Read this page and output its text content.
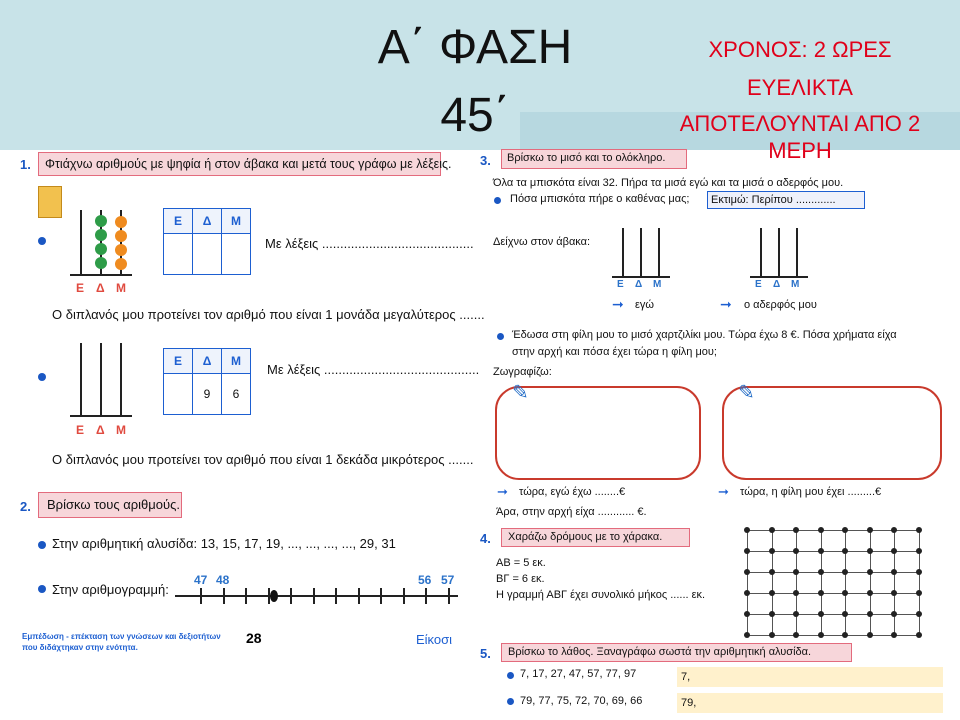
Α΄ ΦΑΣΗ
45΄
ΧΡΟΝΟΣ: 2 ΩΡΕΣ
ΕΥΕΛΙΚΤΑ
ΑΠΟΤΕΛΟΥΝΤΑΙ ΑΠΟ 2
ΜΕΡΗ
1. Φτιάχνω αριθμούς με ψηφία ή στον άβακα και μετά τους γράφω με λέξεις.
Ε Δ Μ
Ε	Δ	Μ

Με λέξεις ..........................................
Ο διπλανός μου προτείνει τον αριθμό που είναι 1 μονάδα μεγαλύτερος .......
Ε Δ Μ
Ε	Δ	Μ
	9	6
Με λέξεις ...........................................
Ο διπλανός μου προτείνει τον αριθμό που είναι 1 δεκάδα μικρότερος .......
2. Βρίσκω τους αριθμούς.
Στην αριθμητική αλυσίδα: 13, 15, 17, 19, ..., ..., ..., ..., 29, 31
Στην αριθμογραμμή:
47 48	56 57
Εμπέδωση - επέκταση των γνώσεων και δεξιοτήτων
που διδάχτηκαν στην ενότητα.
28	Είκοσι
3. Βρίσκω το μισό και το ολόκληρο.
Όλα τα μπισκότα είναι 32. Πήρα τα μισά εγώ και τα μισά ο αδερφός μου.
Πόσα μπισκότα πήρε ο καθένας μας; Εκτιμώ: Περίπου .............
Δείχνω στον άβακα:
Ε Δ Μ	Ε Δ Μ
➞ εγώ	➞ ο αδερφός μου
Έδωσα στη φίλη μου το μισό χαρτζιλίκι μου. Τώρα έχω 8 €. Πόσα χρήματα είχα
στην αρχή και πόσα έχει τώρα η φίλη μου;
Ζωγραφίζω:
✎	✎
➞ τώρα, εγώ έχω ........€	➞ τώρα, η φίλη μου έχει .........€
Άρα, στην αρχή είχα ............ €.
4. Χαράζω δρόμους με το χάρακα.
ΑΒ = 5 εκ.
ΒΓ = 6 εκ.
Η γραμμή ΑΒΓ έχει συνολικό μήκος ...... εκ.
5. Βρίσκω το λάθος. Ξαναγράφω σωστά την αριθμητική αλυσίδα.
7, 17, 27, 47, 57, 77, 97	7,
79, 77, 75, 72, 70, 69, 66	79,
